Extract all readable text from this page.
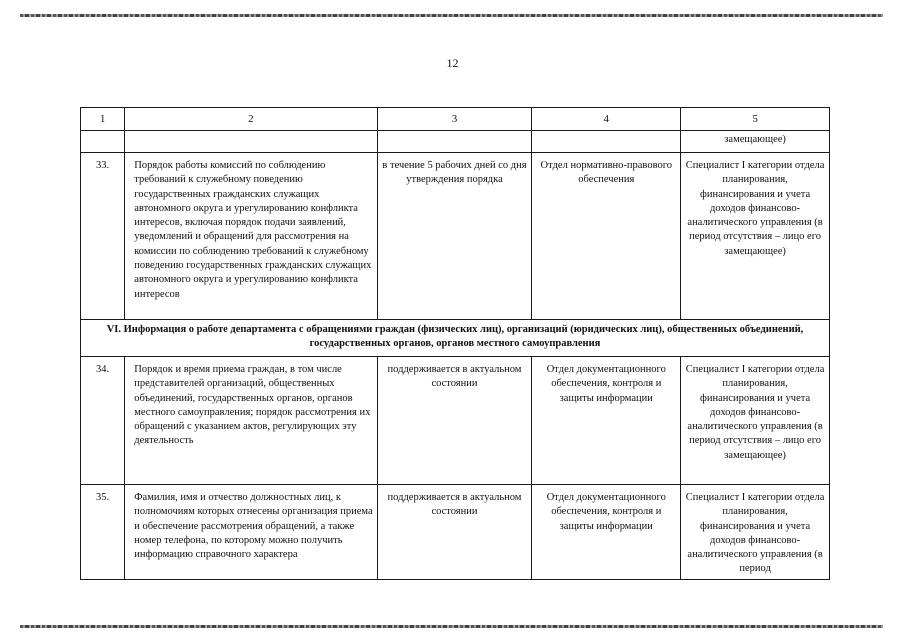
12
1	2	3	4	5
				замещающее)
33.	Порядок работы комиссий по соблюдению требований к служебному поведению государственных гражданских служащих автономного округа и урегулированию конфликта интересов, включая порядок подачи заявлений, уведомлений и обращений для рассмотрения на комиссии по соблюдению требований к служебному поведению государственных гражданских служащих автономного округа и урегулированию конфликта интересов	в течение 5 рабочих дней со дня утверждения порядка	Отдел нормативно-правового обеспечения	Специалист I категории отдела планирования, финансирования и учета доходов финансово-аналитического управления (в период отсутствия – лицо его замещающее)
VI. Информация о работе департамента с обращениями граждан (физических лиц), организаций (юридических лиц), общественных объединений, государственных органов, органов местного самоуправления				
34.	Порядок и время приема граждан, в том числе представителей организаций, общественных объединений, государственных органов, органов местного самоуправления; порядок рассмотрения их обращений с указанием актов, регулирующих эту деятельность	поддерживается в актуальном состоянии	Отдел документационного обеспечения, контроля и защиты информации	Специалист I категории отдела планирования, финансирования и учета доходов финансово-аналитического управления (в период отсутствия – лицо его замещающее)
35.	Фамилия, имя и отчество должностных лиц, к полномочиям которых отнесены организация приема и обеспечение рассмотрения обращений, а также номер телефона, по которому можно получить информацию справочного характера	поддерживается в актуальном состоянии	Отдел документационного обеспечения, контроля и защиты информации	Специалист I категории отдела планирования, финансирования и учета доходов финансово-аналитического управления (в период
